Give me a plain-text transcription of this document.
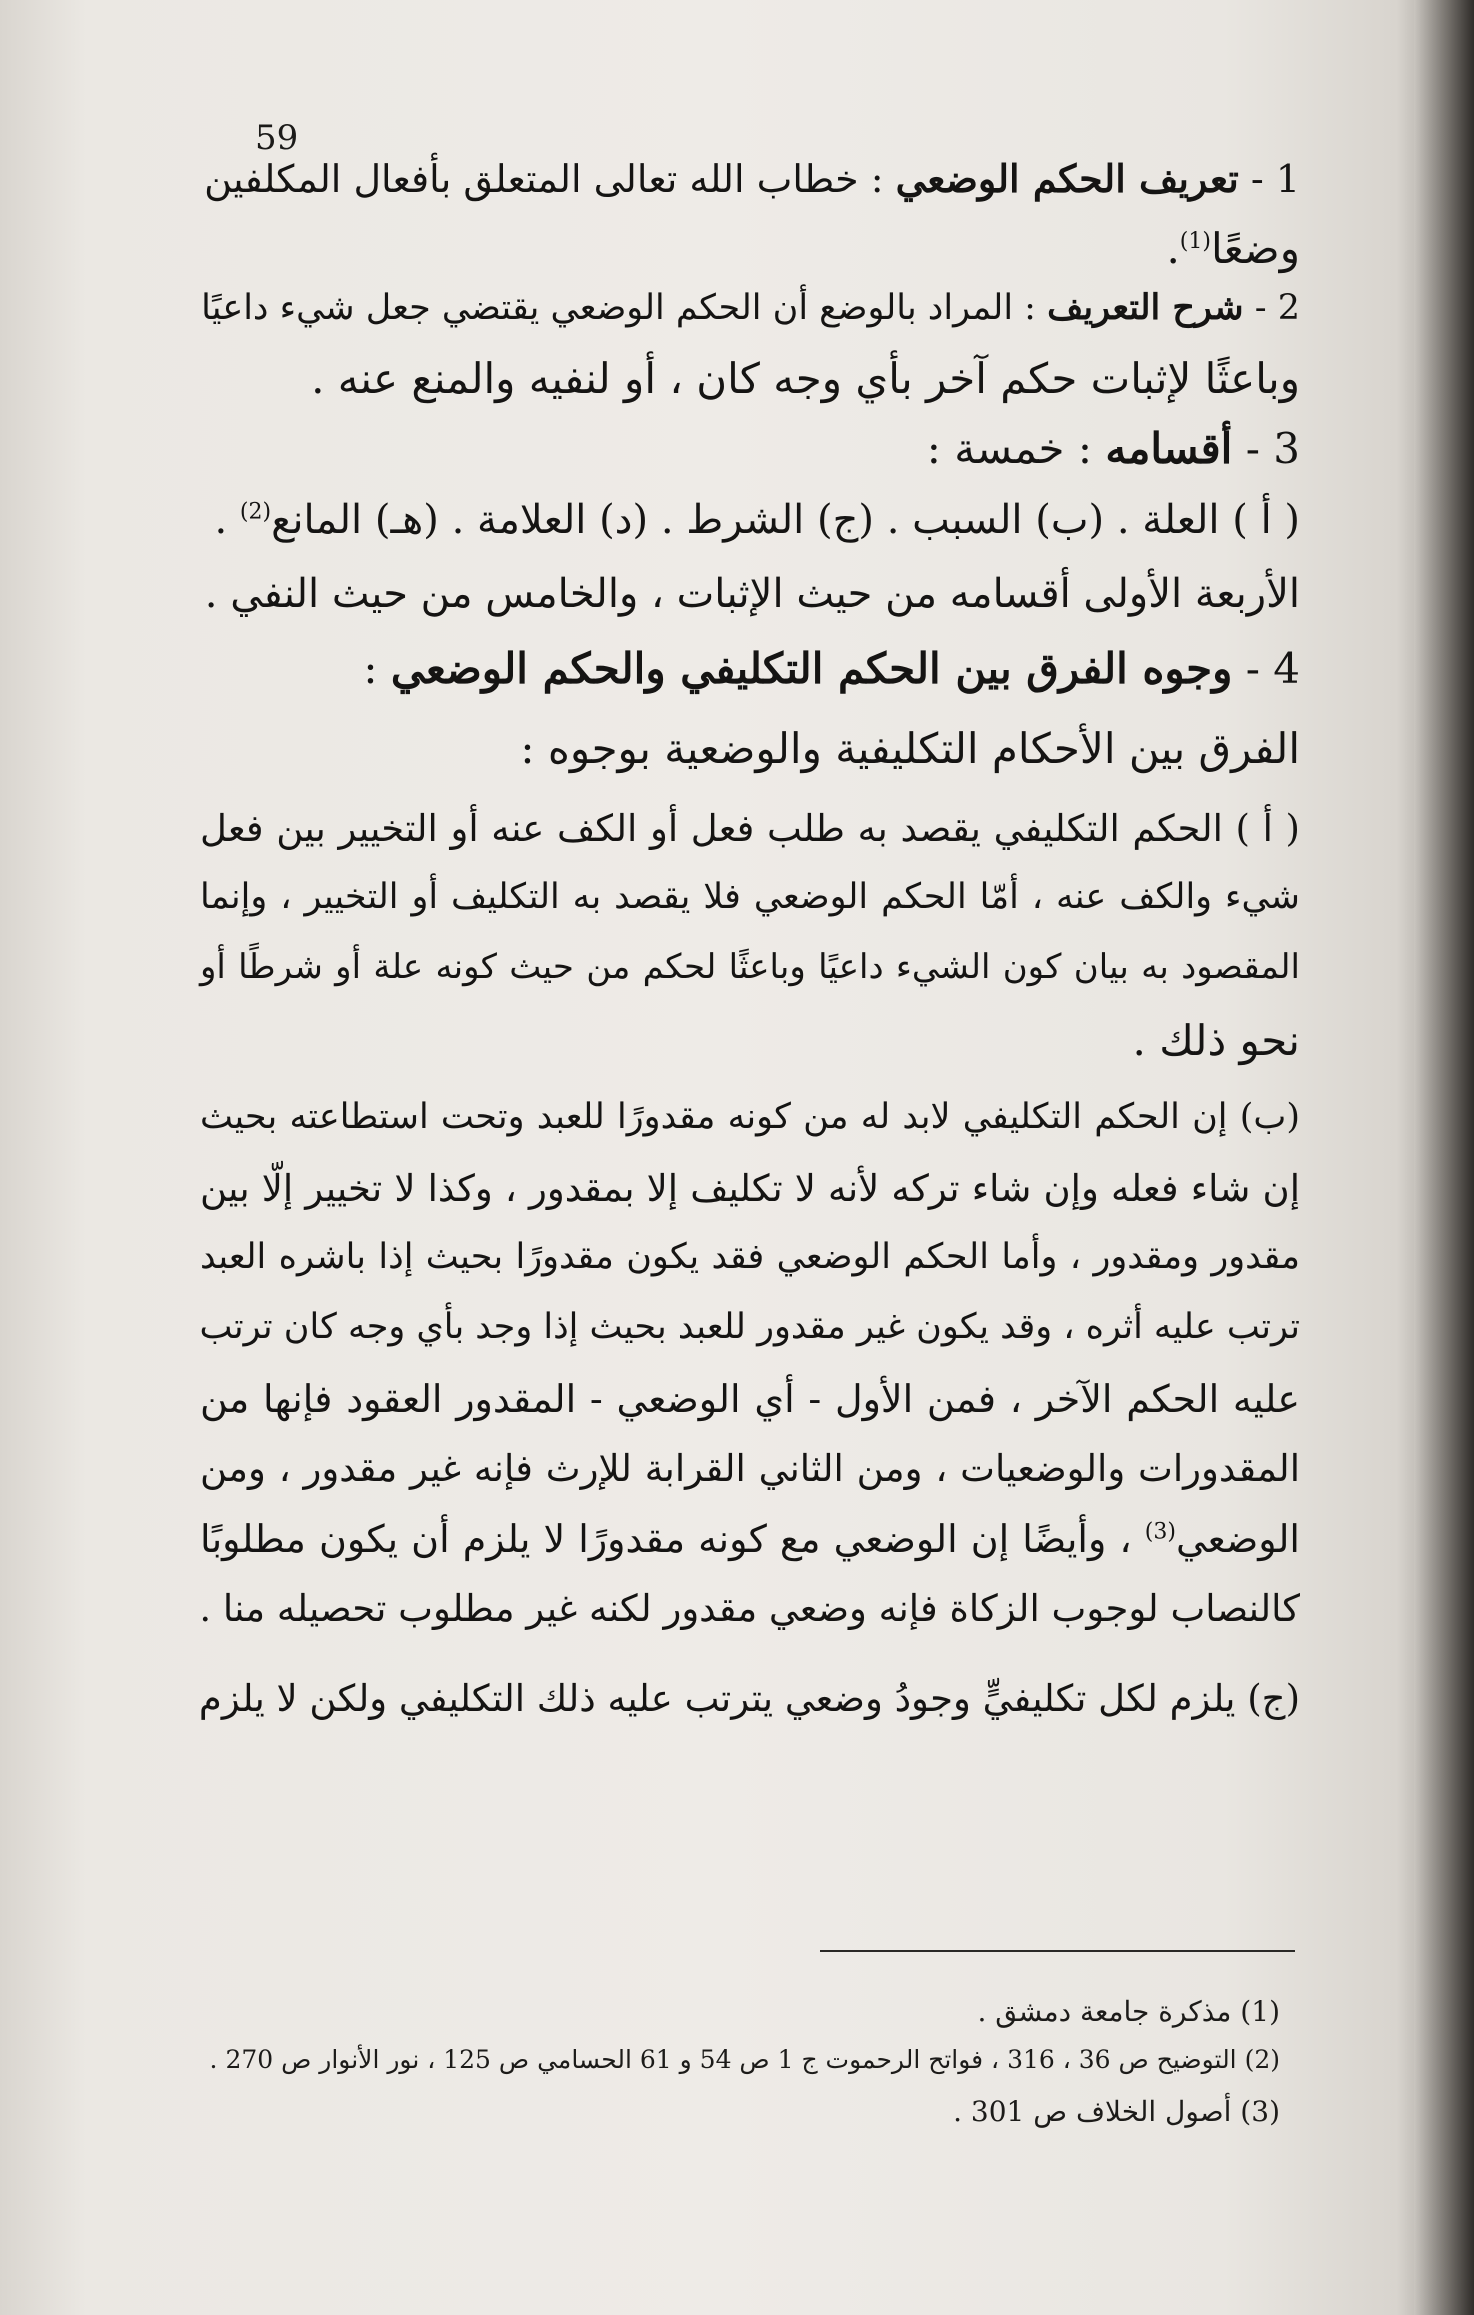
59
1 - تعريف الحكم الوضعي : خطاب الله تعالى المتعلق بأفعال المكلفين
وضعًا$^{(1)}$.
2 - شرح التعريف : المراد بالوضع أن الحكم الوضعي يقتضي جعل شيء داعيًا
وباعثًا لإثبات حكم آخر بأي وجه كان ، أو لنفيه والمنع عنه .
3 - أقسامه : خمسة :
( أ ) العلة . (ب) السبب . (ج) الشرط . (د) العلامة . (هـ) المانع$^{(2)}$ .
الأربعة الأولى أقسامه من حيث الإثبات ، والخامس من حيث النفي .
4 - وجوه الفرق بين الحكم التكليفي والحكم الوضعي :
الفرق بين الأحكام التكليفية والوضعية بوجوه :
( أ ) الحكم التكليفي يقصد به طلب فعل أو الكف عنه أو التخيير بين فعل
شيء والكف عنه ، أمّا الحكم الوضعي فلا يقصد به التكليف أو التخيير ، وإنما
المقصود به بيان كون الشيء داعيًا وباعثًا لحكم من حيث كونه علة أو شرطًا أو
نحو ذلك .
(ب) إن الحكم التكليفي لابد له من كونه مقدورًا للعبد وتحت استطاعته بحيث
إن شاء فعله وإن شاء تركه لأنه لا تكليف إلا بمقدور ، وكذا لا تخيير إلّا بين
مقدور ومقدور ، وأما الحكم الوضعي فقد يكون مقدورًا بحيث إذا باشره العبد
ترتب عليه أثره ، وقد يكون غير مقدور للعبد بحيث إذا وجد بأي وجه كان ترتب
عليه الحكم الآخر ، فمن الأول - أي الوضعي - المقدور العقود فإنها من
المقدورات والوضعيات ، ومن الثاني القرابة للإرث فإنه غير مقدور ، ومن
الوضعي$^{(3)}$ ، وأيضًا إن الوضعي مع كونه مقدورًا لا يلزم أن يكون مطلوبًا
كالنصاب لوجوب الزكاة فإنه وضعي مقدور لكنه غير مطلوب تحصيله منا .
(ج) يلزم لكل تكليفيٍّ وجودُ وضعي يترتب عليه ذلك التكليفي ولكن لا يلزم
(1) مذكرة جامعة دمشق .
(2) التوضيح ص 36 ، 316 ، فواتح الرحموت ج 1 ص 54 و 61 الحسامي ص 125 ، نور الأنوار ص 270 .
(3) أصول الخلاف ص 301 .
